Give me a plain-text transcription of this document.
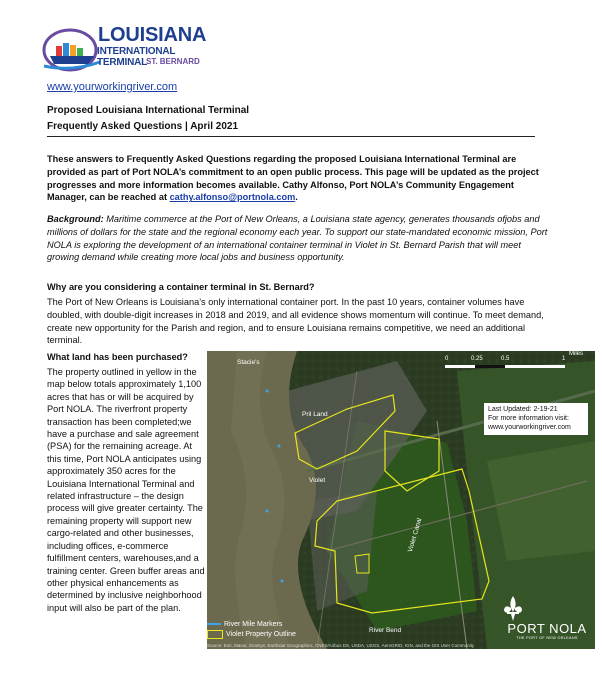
LOUISIANA
INTERNATIONAL TERMINAL
ST. BERNARD
www.yourworkingriver.com
Proposed Louisiana International Terminal
Frequently Asked Questions | April 2021
These answers to Frequently Asked Questions regarding the proposed Louisiana International Terminal are provided as part of Port NOLA’s commitment to an open public process. This page will be updated as the project progresses and more information becomes available. Cathy Alfonso, Port NOLA’s Community Engagement Manager, can be reached at cathy.alfonso@portnola.com.
Background: Maritime commerce at the Port of New Orleans, a Louisiana state agency, generates thousands ofjobs and millions of dollars for the state and the regional economy each year. To support our state-mandated economic mission, Port NOLA is exploring the development of an international container terminal in Violet in St. Bernard Parish that will meet growing demand while creating more local jobs and business opportunity.
Why are you considering a container terminal in St. Bernard?
The Port of New Orleans is Louisiana’s only international container port. In the past 10 years, container volumes have doubled, with double-digit increases in 2018 and 2019, and all evidence shows momentum will continue. To meet demand, create new opportunity for the Parish and region, and to ensure Louisiana remains competitive, we need an additional terminal.
What land has been purchased?
The property outlined in yellow in the map below totals approximately 1,100 acres that has or will be acquired by Port NOLA. The riverfront property transaction has been completed;we have a purchase and sale agreement (PSA) for the remaining acreage. At this time, Port NOLA anticipates using approximately 350 acres for the Louisiana International Terminal and related infrastructure – the design process will give greater certainty. The remaining property will support new cargo-related and other businesses, including offices, e-commerce fulfillment centers, warehouses,and a training center. Green buffer areas and other physical enhancements as determined by inclusive neighborhood input will also be part of the plan.
Stacie's
Pril Land
Violet
River Bend
Violet Canal
0	0.25	0.5	1
Miles
Last Updated: 2-19-21
For more information visit:
www.yourworkingriver.com
River Mile Markers
Violet Property Outline
Source: Esri, Maxar, GeoEye, Earthstar Geographics, CNES/Airbus DS, USDA, USGS, AeroGRID, IGN, and the GIS User Community
PORT NOLA
THE PORT OF NEW ORLEANS
